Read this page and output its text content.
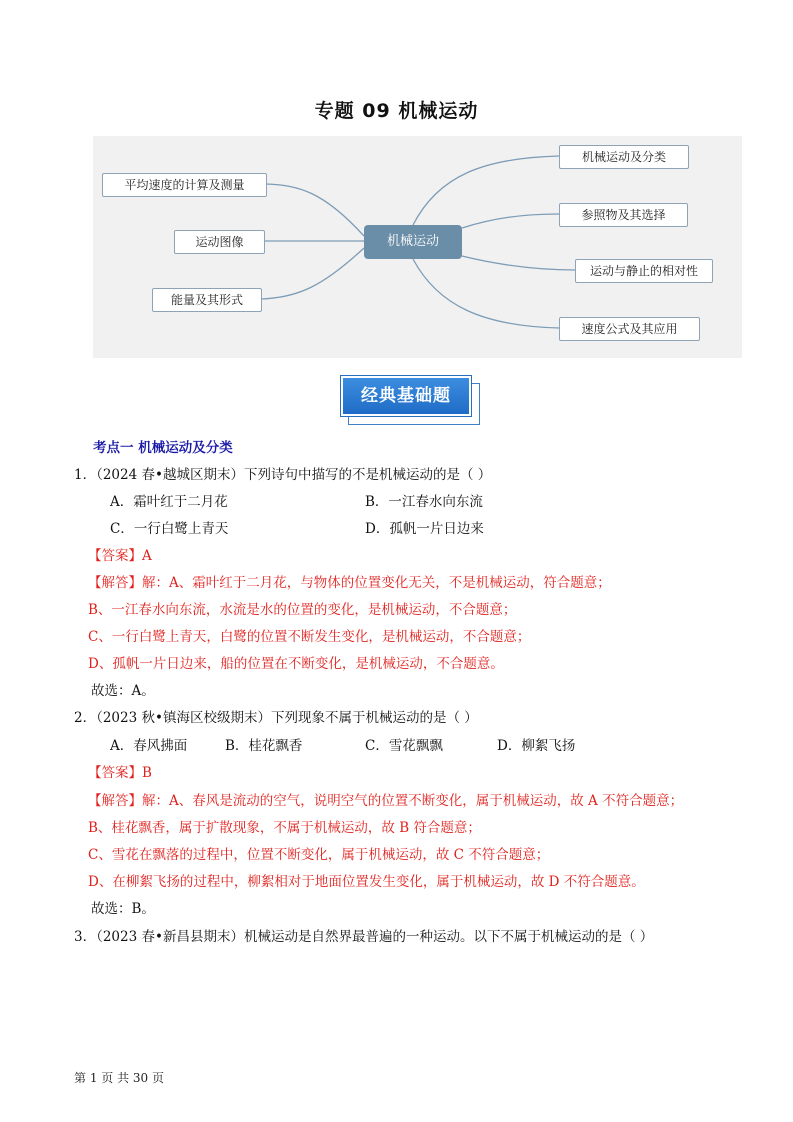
专题 09 机械运动
平均速度的计算及测量
运动图像
能量及其形式
机械运动
机械运动及分类
参照物及其选择
运动与静止的相对性
速度公式及其应用
经典基础题
考点一 机械运动及分类
1．（2024 春•越城区期末）下列诗句中描写的不是机械运动的是（ ）
A．霜叶红于二月花	B．一江春水向东流
C．一行白鹭上青天	D．孤帆一片日边来
【答案】A
【解答】解：A、霜叶红于二月花，与物体的位置变化无关，不是机械运动，符合题意；
B、一江春水向东流，水流是水的位置的变化，是机械运动，不合题意；
C、一行白鹭上青天，白鹭的位置不断发生变化，是机械运动，不合题意；
D、孤帆一片日边来，船的位置在不断变化，是机械运动，不合题意。
故选：A。
2．（2023 秋•镇海区校级期末）下列现象不属于机械运动的是（ ）
A．春风拂面	B．桂花飘香	C．雪花飘飘	D．柳絮飞扬
【答案】B
【解答】解：A、春风是流动的空气，说明空气的位置不断变化，属于机械运动，故 A 不符合题意；
B、桂花飘香，属于扩散现象，不属于机械运动，故 B 符合题意；
C、雪花在飘落的过程中，位置不断变化，属于机械运动，故 C 不符合题意；
D、在柳絮飞扬的过程中，柳絮相对于地面位置发生变化，属于机械运动，故 D 不符合题意。
故选：B。
3．（2023 春•新昌县期末）机械运动是自然界最普遍的一种运动。以下不属于机械运动的是（ ）
第 1 页 共 30 页
